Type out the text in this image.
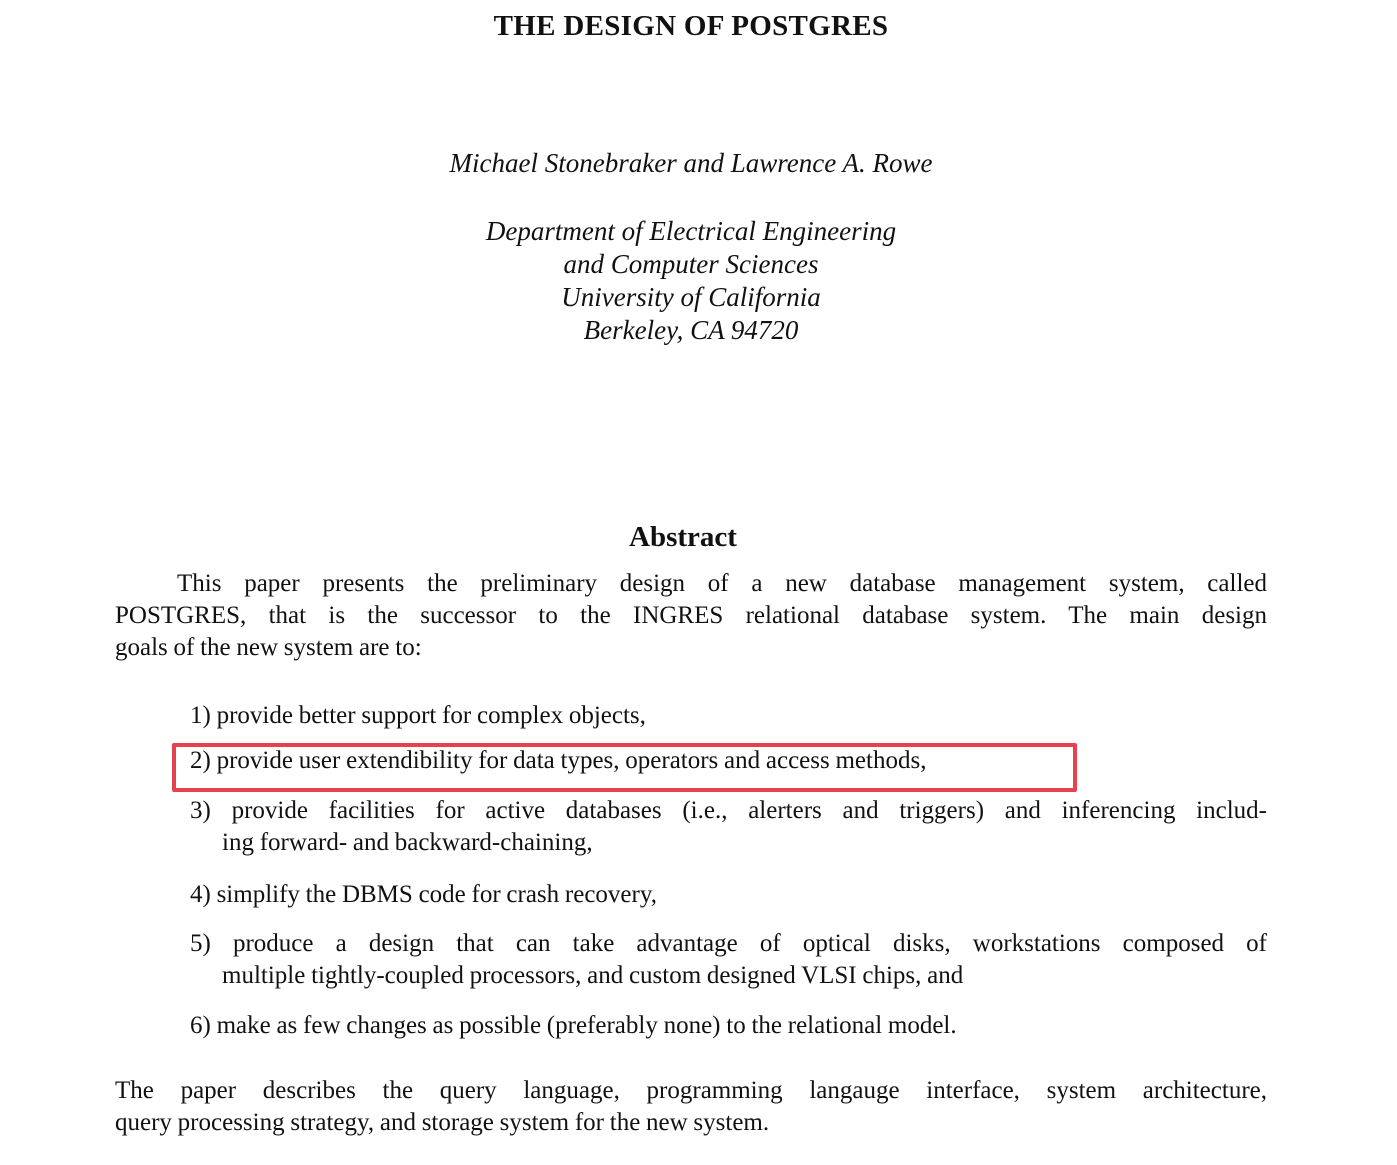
THE DESIGN OF POSTGRES
Michael Stonebraker and Lawrence A. Rowe
Department of Electrical Engineering
and Computer Sciences
University of California
Berkeley, CA 94720
Abstract
This paper presents the preliminary design of a new database management system, called
POSTGRES, that is the successor to the INGRES relational database system. The main design
goals of the new system are to:
1) provide better support for complex objects,
2) provide user extendibility for data types, operators and access methods,
3) provide facilities for active databases (i.e., alerters and triggers) and inferencing includ-
ing forward- and backward-chaining,
4) simplify the DBMS code for crash recovery,
5) produce a design that can take advantage of optical disks, workstations composed of
multiple tightly-coupled processors, and custom designed VLSI chips, and
6) make as few changes as possible (preferably none) to the relational model.
The paper describes the query language, programming langauge interface, system architecture,
query processing strategy, and storage system for the new system.
